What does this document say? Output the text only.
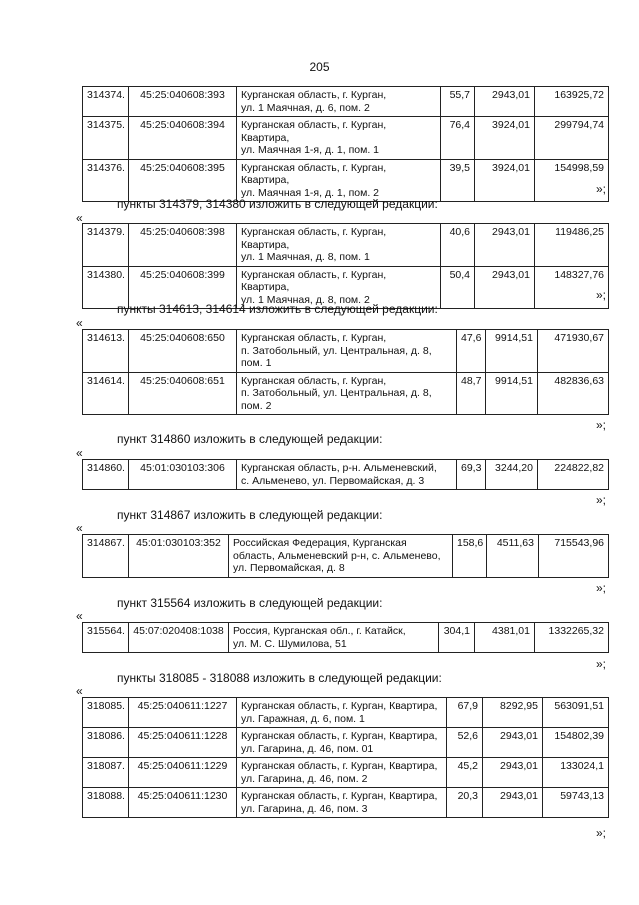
205
314374.	45:25:040608:393	Курганская область, г. Курган,
ул. 1 Маячная, д. 6, пом. 2	55,7	2943,01	163925,72
314375.	45:25:040608:394	Курганская область, г. Курган, Квартира,
ул. Маячная 1-я, д. 1, пом. 1	76,4	3924,01	299794,74
314376.	45:25:040608:395	Курганская область, г. Курган, Квартира,
ул. Маячная 1-я, д. 1, пом. 2	39,5	3924,01	154998,59
»;
пункты 314379, 314380 изложить в следующей редакции:
«
314379.	45:25:040608:398	Курганская область, г. Курган, Квартира,
ул. 1 Маячная, д. 8, пом. 1	40,6	2943,01	119486,25
314380.	45:25:040608:399	Курганская область, г. Курган, Квартира,
ул. 1 Маячная, д. 8, пом. 2	50,4	2943,01	148327,76
»;
пункты 314613, 314614 изложить в следующей редакции:
«
314613.	45:25:040608:650	Курганская область, г. Курган,
п. Затобольный, ул. Центральная, д. 8,
пом. 1	47,6	9914,51	471930,67
314614.	45:25:040608:651	Курганская область, г. Курган,
п. Затобольный, ул. Центральная, д. 8,
пом. 2	48,7	9914,51	482836,63
»;
пункт 314860 изложить в следующей редакции:
«
314860.	45:01:030103:306	Курганская область, р-н. Альменевский,
с. Альменево, ул. Первомайская, д. 3	69,3	3244,20	224822,82
»;
пункт 314867 изложить в следующей редакции:
«
314867.	45:01:030103:352	Российская Федерация, Курганская
область, Альменевский р-н, с. Альменево,
ул. Первомайская, д. 8	158,6	4511,63	715543,96
»;
пункт 315564 изложить в следующей редакции:
«
315564.	45:07:020408:1038	Россия, Курганская обл., г. Катайск,
ул. М. С. Шумилова, 51	304,1	4381,01	1332265,32
»;
пункты 318085 - 318088 изложить в следующей редакции:
«
318085.	45:25:040611:1227	Курганская область, г. Курган, Квартира,
ул. Гаражная, д. 6, пом. 1	67,9	8292,95	563091,51
318086.	45:25:040611:1228	Курганская область, г. Курган, Квартира,
ул. Гагарина, д. 46, пом. 01	52,6	2943,01	154802,39
318087.	45:25:040611:1229	Курганская область, г. Курган, Квартира,
ул. Гагарина, д. 46, пом. 2	45,2	2943,01	133024,1
318088.	45:25:040611:1230	Курганская область, г. Курган, Квартира,
ул. Гагарина, д. 46, пом. 3	20,3	2943,01	59743,13
»;
